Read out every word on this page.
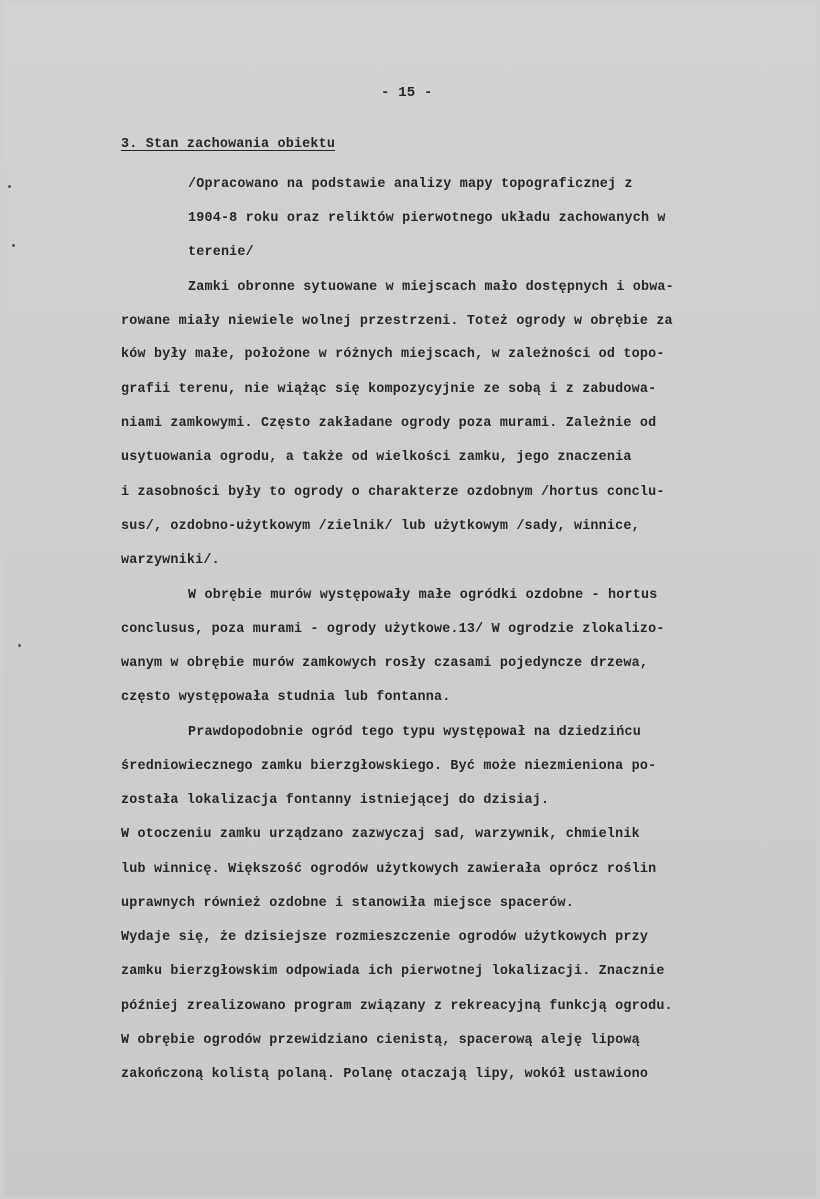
- 15 -
3. Stan zachowania obiektu
/Opracowano na podstawie analizy mapy topograficznej z
1904-8 roku oraz reliktów pierwotnego układu zachowanych w
terenie/
Zamki obronne sytuowane w miejscach mało dostępnych i obwa-
rowane miały niewiele wolnej przestrzeni. Toteż ogrody w obrębie za
ków były małe, położone w różnych miejscach, w zależności od topo-
grafii terenu, nie wiążąc się kompozycyjnie ze sobą i z zabudowa-
niami zamkowymi. Często zakładane ogrody poza murami. Zależnie od
usytuowania ogrodu, a także od wielkości zamku, jego znaczenia
i zasobności były to ogrody o charakterze ozdobnym /hortus conclu-
sus/, ozdobno-użytkowym /zielnik/ lub użytkowym /sady, winnice,
warzywniki/.
W obrębie murów występowały małe ogródki ozdobne - hortus
conclusus, poza murami - ogrody użytkowe.13/ W ogrodzie zlokalizo-
wanym w obrębie murów zamkowych rosły czasami pojedyncze drzewa,
często występowała studnia lub fontanna.
Prawdopodobnie ogród tego typu występował na dziedzińcu
średniowiecznego zamku bierzgłowskiego. Być może niezmieniona po-
została lokalizacja fontanny istniejącej do dzisiaj.
W otoczeniu zamku urządzano zazwyczaj sad, warzywnik, chmielnik
lub winnicę. Większość ogrodów użytkowych zawierała oprócz roślin
uprawnych również ozdobne i stanowiła miejsce spacerów.
Wydaje się, że dzisiejsze rozmieszczenie ogrodów użytkowych przy
zamku bierzgłowskim odpowiada ich pierwotnej lokalizacji. Znacznie
później zrealizowano program związany z rekreacyjną funkcją ogrodu.
W obrębie ogrodów przewidziano cienistą, spacerową aleję lipową
zakończoną kolistą polaną. Polanę otaczają lipy, wokół ustawiono
